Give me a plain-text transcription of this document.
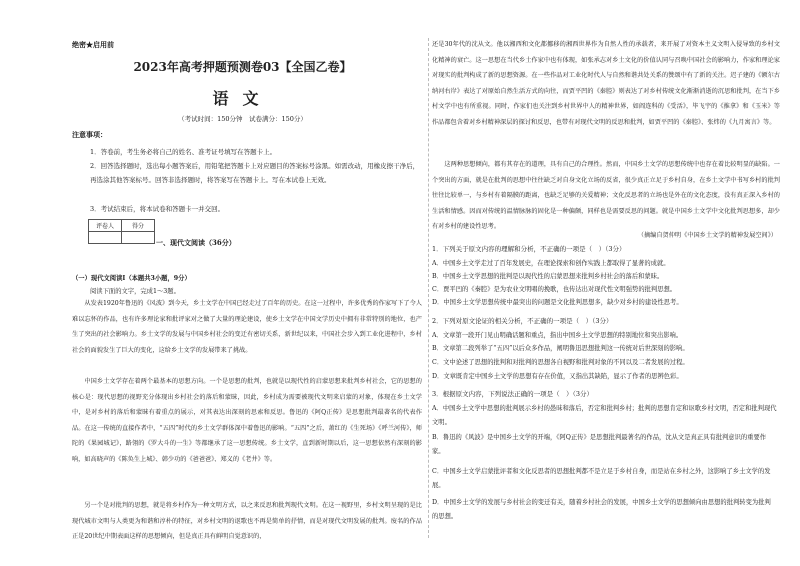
绝密★启用前
2023年高考押题预测卷03【全国乙卷】
语文
（考试时间：150分钟　试卷满分：150分）
注意事项：
1．答卷前，考生务必将自己的姓名、准考证号填写在答题卡上。
2．回答选择题时，选出每小题答案后，用铅笔把答题卡上对应题目的答案标号涂黑。如需改动，用橡皮擦干净后，再选涂其他答案标号。回答非选择题时，将答案写在答题卡上。写在本试卷上无效。
3．考试结束后，将本试卷和答题卡一并交回。
评卷人	得分

一、现代文阅读（36分）
（一）现代文阅读Ⅰ（本题共3小题，9分）
阅读下面的文字，完成1～3题。
从发表1920年鲁迅的《风波》到今天，乡土文学在中国已经走过了百年的历史。在这一过程中，许多优秀的作家写下了令人难以忘怀的作品，也有许多理论家和批评家对之做了大量的理论建设，使乡土文学在中国文学历史中拥有非常特别的地位，也产生了突出的社会影响力。乡土文学的发展与中国乡村社会的变迁有密切关系，新世纪以来，中国社会步入到工业化进程中，乡村社会的面貌发生了巨大的变化，这给乡土文学的发展带来了挑战。
中国乡土文学存在着两个最基本的思想方向。一个是思想的批判，也就是以现代性的启蒙思想来批判乡村社会，它的思想的核心是：现代思想的视野充分体现出乡村社会的落后和蒙昧，因此，乡村成为需要被现代文明来启蒙的对象，体现在乡土文学中，是对乡村的落后和蒙昧有着重点的展示，对其表达出深刻的思索和反思。鲁迅的《阿Q正传》是思想批判最著名的代表作品。在这一传统的直接作者中，“五四”时代的乡土文学群体深中着鲁迅的影响。“五四”之后，萧红的《生死场》《呼兰河传》，师陀的《果园城记》，路翎的《罗大斗的一生》等都继承了这一思想传统。乡土文学，直到新时期以后，这一思想依然有深刻的影响，如高晓声的《陈奂生上城》、韩少功的《爸爸爸》、郑义的《老井》等。
另一个是对批判的思想，就是将乡村作为一种文明方式，以之来反思和批判现代文明。在这一视野里，乡村文明呈现的是比现代城市文明与人类更为和谐和淳朴的特征，对乡村文明的讴歌也不再是简单的抒情，而是对现代文明发展的批判。废名的作品正是20世纪中期表面这样的思想倾向，但是真正具有鲜明自觉意识的，
还是30年代的沈从文。他以湘西和文化都挪移的湘西世界作为自然人性的承载者，来开展了对资本主义文明入侵导致的乡村文化精神的衰亡。这一思想在当代乡土作家中也有体现，如张承志对乡土文化的价值认同与召唤中国社会的影响力，作家和理论家对现实的批判构成了新的思想资源。在一些作品对工业化时代人与自然和谐共处关系的赞颂中有了新的关注。迟子建的《额尔古纳河右岸》表达了对原始自然生活方式的向往，而贾平凹的《秦腔》则表达了对乡村传统文化渐渐消逝的沉思和批判，在当下乡村文学中也有所重视。同时，作家们也关注到乡村世界中人的精神世界，如阎连科的《受活》，毕飞宇的《推拿》和《玉米》等作品都包含着对乡村精神深层的探讨和反思，也带有对现代文明的反思和批判，如贾平凹的《秦腔》、张炜的《九月寓言》等。
这两种思想倾向，都有其存在的道理，具有自己的合理性。然而，中国乡土文学的思想传统中也存在着比较明显的缺陷。一个突出的方面，就是在批判的思想中往往缺乏对自身文化立场的反省，很少真正立足于乡村自身，在乡土文学中书写乡村的批判往往比较单一，与乡村有着隔膜的距离，也缺乏足够的关爱精神；文化反思者的立场也是外在的文化态度，没有真正深入乡村的生活和情感。因而对传统的温情脉脉的固化是一种偏颇，同样也是需要反思的问题。就是中国乡土文学中文化批判思想多，却少有对乡村的建设性思考。
（摘编自贺仲明《中国乡土文学的精神发展空间》）
1．下列关于原文内容的理解和分析，不正确的一项是（　）（3分）
A．中国乡土文学走过了百年发展史，在理论探索和创作实践上都取得了显著的成就。
B．中国乡土文学思想的批判是以现代性的启蒙思想来批判乡村社会的落后和蒙昧。
C．贾平凹的《秦腔》是为农业文明唱的挽歌，也传达出对现代性文明强势的批判思想。
D．中国乡土文学思想传统中最突出的问题是文化批判思想多，缺少对乡村的建设性思考。
2．下列对原文论证的相关分析，不正确的一项是（　）（3分）
A．文章第一段开门见山明确话题和重点，指出中国乡土文学思想的特别地位和突出影响。
B．文章第二段列举了“五四”以后众多作品，阐明鲁迅思想批判这一传统对后世深刻的影响。
C．文中论述了思想的批判和对批判的思想各自视野和批判对象的不同以及二者发展的过程。
D．文章既肯定中国乡土文学的思想有存在价值，又指出其缺陷，显示了作者的思辨色彩。
3．根据原文内容，下列说法正确的一项是（　）（3分）
A．中国乡土文学中思想的批判展示乡村的愚昧和落后，否定和批判乡村；批判的思想肯定和讴歌乡村文明，否定和批判现代文明。
B．鲁迅的《风波》是中国乡土文学的开端，《阿Q正传》是思想批判最著名的作品，沈从文是真正具有批判意识的重要作家。
C．中国乡土文学启蒙批评者和文化反思者的思想批判都不是立足于乡村自身，而是站在乡村之外，这影响了乡土文学的发展。
D．中国乡土文学的发展与乡村社会的变迁有关，随着乡村社会的发展，中国乡土文学的思想倾向由思想的批判转变为批判的思想。
